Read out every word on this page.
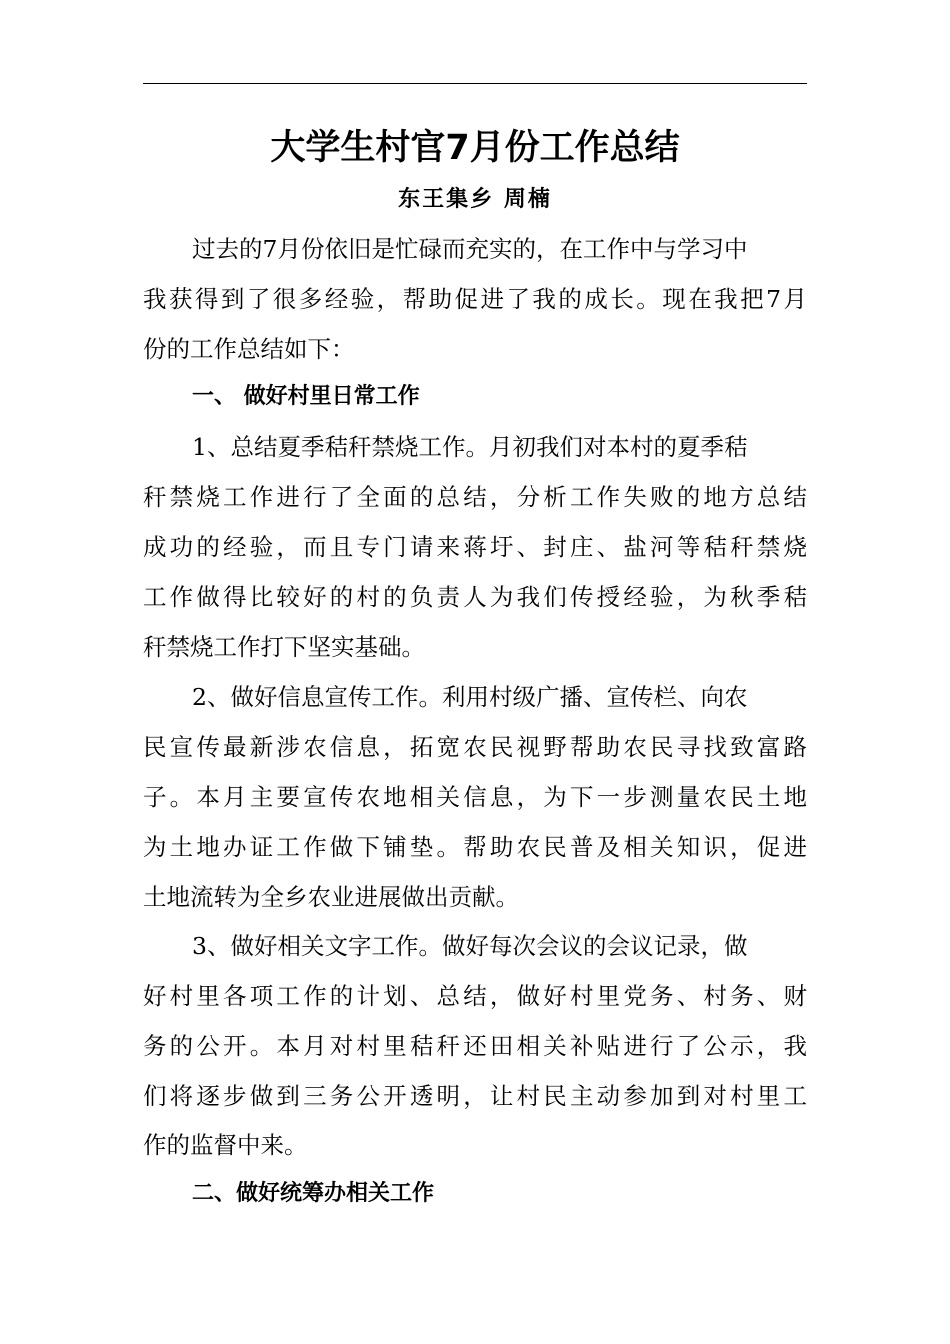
大学生村官7月份工作总结
东王集乡 周楠
过去的7月份依旧是忙碌而充实的，在工作中与学习中
我获得到了很多经验，帮助促进了我的成长。现在我把7月
份的工作总结如下：
一、 做好村里日常工作
1、总结夏季秸秆禁烧工作。月初我们对本村的夏季秸
秆禁烧工作进行了全面的总结，分析工作失败的地方总结
成功的经验，而且专门请来蒋圩、封庄、盐河等秸秆禁烧
工作做得比较好的村的负责人为我们传授经验，为秋季秸
秆禁烧工作打下坚实基础。
2、做好信息宣传工作。利用村级广播、宣传栏、向农
民宣传最新涉农信息，拓宽农民视野帮助农民寻找致富路
子。本月主要宣传农地相关信息，为下一步测量农民土地
为土地办证工作做下铺垫。帮助农民普及相关知识，促进
土地流转为全乡农业进展做出贡献。
3、做好相关文字工作。做好每次会议的会议记录，做
好村里各项工作的计划、总结，做好村里党务、村务、财
务的公开。本月对村里秸秆还田相关补贴进行了公示，我
们将逐步做到三务公开透明，让村民主动参加到对村里工
作的监督中来。
二、做好统筹办相关工作
